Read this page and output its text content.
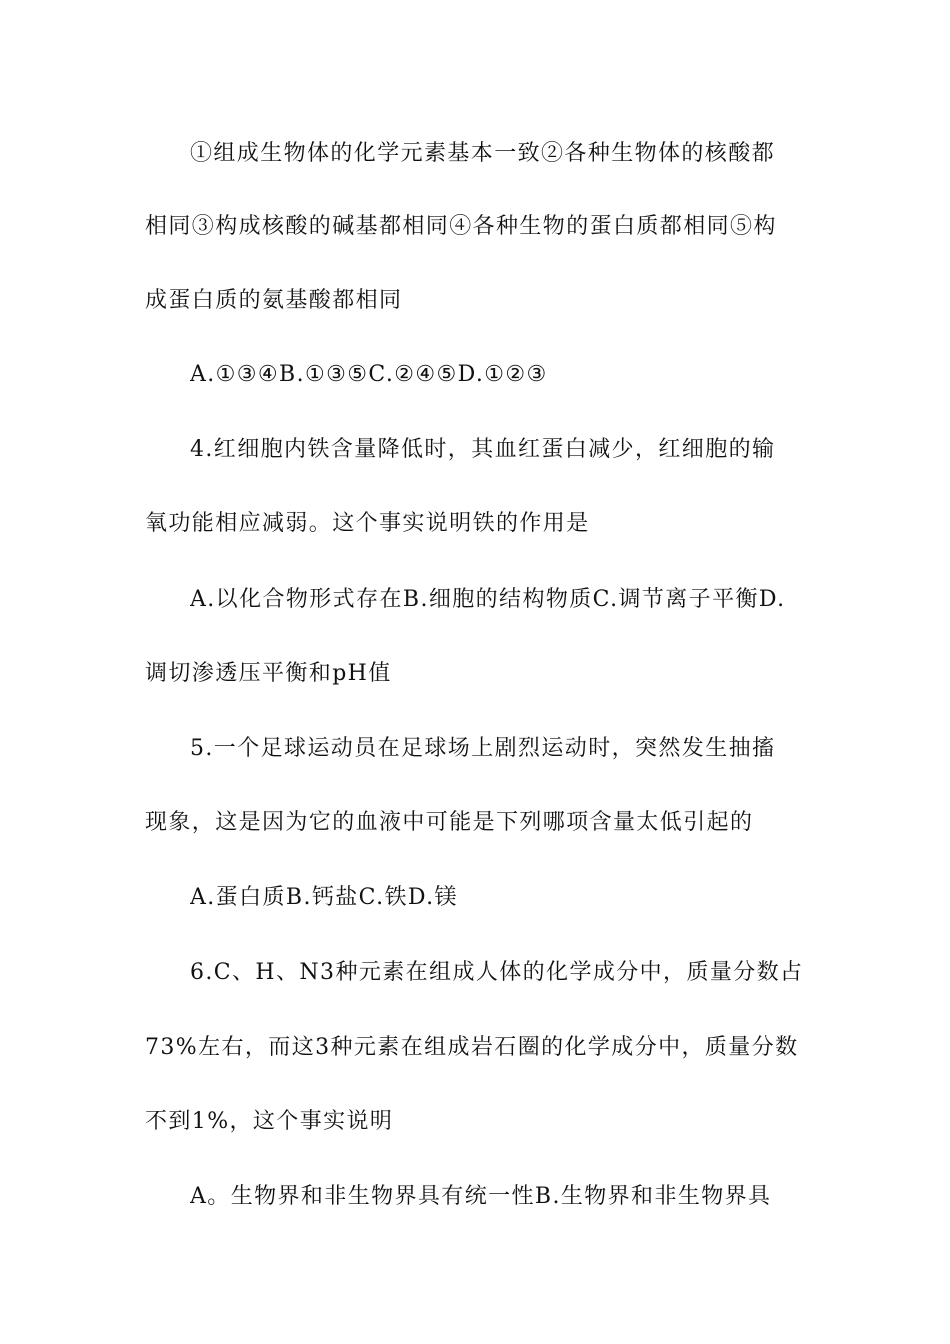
①组成生物体的化学元素基本一致②各种生物体的核酸都
相同③构成核酸的碱基都相同④各种生物的蛋白质都相同⑤构
成蛋白质的氨基酸都相同
A.①③④B.①③⑤C.②④⑤D.①②③
4.红细胞内铁含量降低时，其血红蛋白减少，红细胞的输
氧功能相应减弱。这个事实说明铁的作用是
A.以化合物形式存在B.细胞的结构物质C.调节离子平衡D.
调切渗透压平衡和pH值
5.一个足球运动员在足球场上剧烈运动时，突然发生抽搐
现象，这是因为它的血液中可能是下列哪项含量太低引起的
A.蛋白质B.钙盐C.铁D.镁
6.C、H、N3种元素在组成人体的化学成分中，质量分数占
73%左右，而这3种元素在组成岩石圈的化学成分中，质量分数
不到1%，这个事实说明
A。生物界和非生物界具有统一性B.生物界和非生物界具
